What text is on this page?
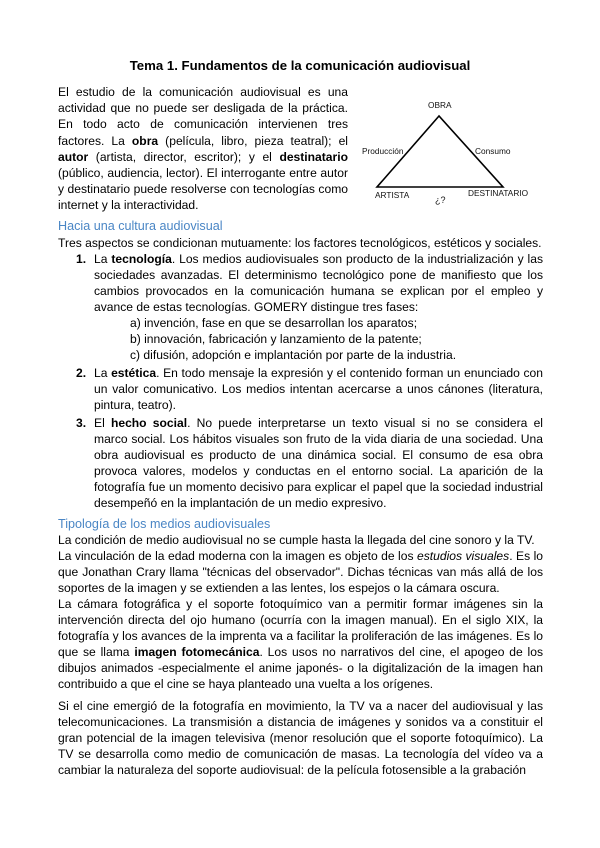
Tema 1. Fundamentos de la comunicación audiovisual
El estudio de la comunicación audiovisual es una actividad que no puede ser desligada de la práctica. En todo acto de comunicación intervienen tres factores. La obra (película, libro, pieza teatral); el autor (artista, director, escritor); y el destinatario (público, audiencia, lector). El interrogante entre autor y destinatario puede resolverse con tecnologías como internet y la interactividad.
OBRA
Producción	Consumo
ARTISTA	DESTINATARIO
¿?
Hacia una cultura audiovisual
Tres aspectos se condicionan mutuamente: los factores tecnológicos, estéticos y sociales.
1. La tecnología. Los medios audiovisuales son producto de la industrialización y las sociedades avanzadas. El determinismo tecnológico pone de manifiesto que los cambios provocados en la comunicación humana se explican por el empleo y avance de estas tecnologías. GOMERY distingue tres fases:
a) invención, fase en que se desarrollan los aparatos;
b) innovación, fabricación y lanzamiento de la patente;
c) difusión, adopción e implantación por parte de la industria.
2. La estética. En todo mensaje la expresión y el contenido forman un enunciado con un valor comunicativo. Los medios intentan acercarse a unos cánones (literatura, pintura, teatro).
3. El hecho social. No puede interpretarse un texto visual si no se considera el marco social. Los hábitos visuales son fruto de la vida diaria de una sociedad. Una obra audiovisual es producto de una dinámica social. El consumo de esa obra provoca valores, modelos y conductas en el entorno social. La aparición de la fotografía fue un momento decisivo para explicar el papel que la sociedad industrial desempeñó en la implantación de un medio expresivo.
Tipología de los medios audiovisuales
La condición de medio audiovisual no se cumple hasta la llegada del cine sonoro y la TV.
La vinculación de la edad moderna con la imagen es objeto de los estudios visuales. Es lo que Jonathan Crary llama "técnicas del observador". Dichas técnicas van más allá de los soportes de la imagen y se extienden a las lentes, los espejos o la cámara oscura.
La cámara fotográfica y el soporte fotoquímico van a permitir formar imágenes sin la intervención directa del ojo humano (ocurría con la imagen manual). En el siglo XIX, la fotografía y los avances de la imprenta va a facilitar la proliferación de las imágenes. Es lo que se llama imagen fotomecánica. Los usos no narrativos del cine, el apogeo de los dibujos animados -especialmente el anime japonés- o la digitalización de la imagen han contribuido a que el cine se haya planteado una vuelta a los orígenes.
Si el cine emergió de la fotografía en movimiento, la TV va a nacer del audiovisual y las telecomunicaciones. La transmisión a distancia de imágenes y sonidos va a constituir el gran potencial de la imagen televisiva (menor resolución que el soporte fotoquímico). La TV se desarrolla como medio de comunicación de masas. La tecnología del vídeo va a cambiar la naturaleza del soporte audiovisual: de la película fotosensible a la grabación
